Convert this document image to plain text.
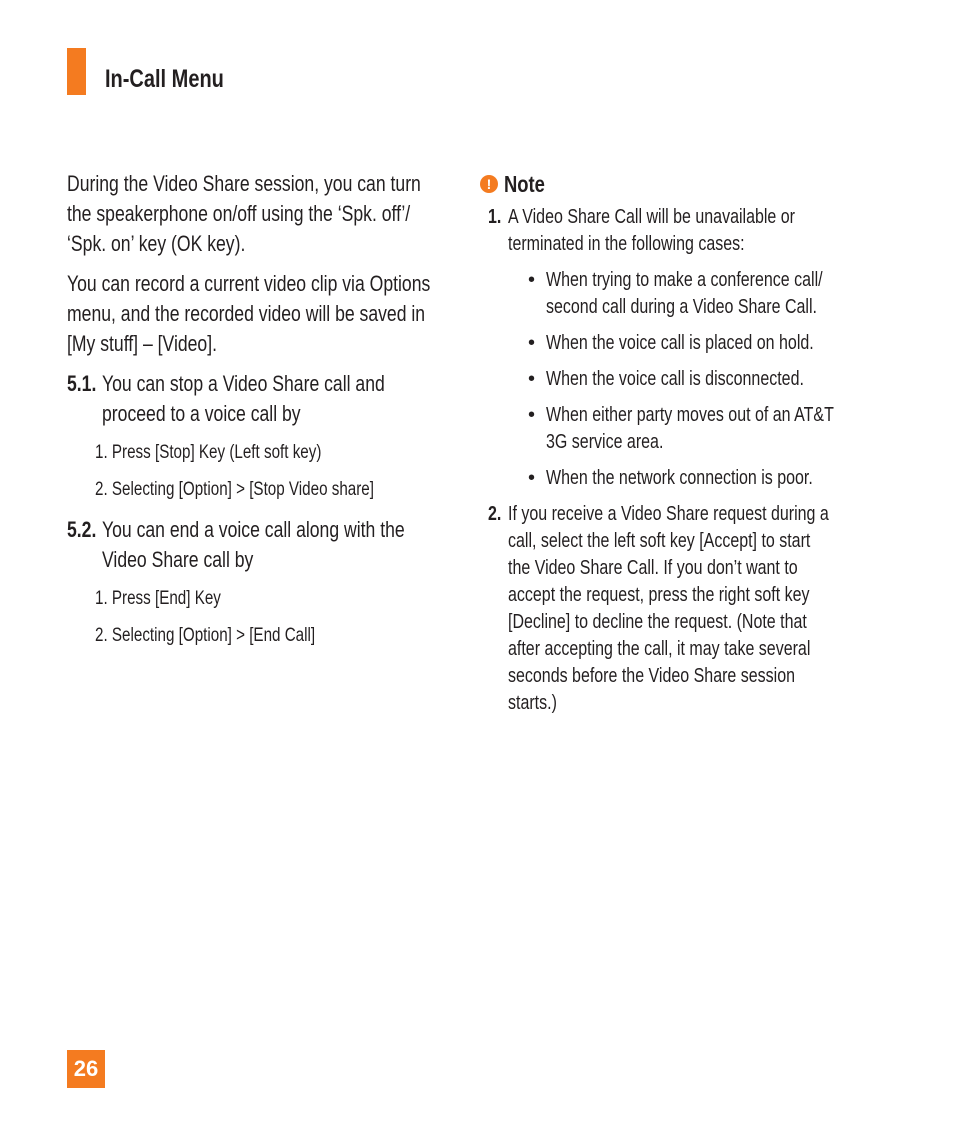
In-Call Menu
During the Video Share session, you can turn
the speakerphone on/off using the ‘Spk. off’/
‘Spk. on’ key (OK key).
You can record a current video clip via Options
menu, and the recorded video will be saved in
[My stuff] – [Video].
5.1. You can stop a Video Share call and
proceed to a voice call by
1. Press [Stop] Key (Left soft key)
2. Selecting [Option] > [Stop Video share]
5.2. You can end a voice call along with the
Video Share call by
1. Press [End] Key
2. Selecting [Option] > [End Call]
! Note
1. A Video Share Call will be unavailable or
terminated in the following cases:
• When trying to make a conference call/
second call during a Video Share Call.
• When the voice call is placed on hold.
• When the voice call is disconnected.
• When either party moves out of an AT&T
3G service area.
• When the network connection is poor.
2. If you receive a Video Share request during a
call, select the left soft key [Accept] to start
the Video Share Call. If you don’t want to
accept the request, press the right soft key
[Decline] to decline the request. (Note that
after accepting the call, it may take several
seconds before the Video Share session
starts.)
26
